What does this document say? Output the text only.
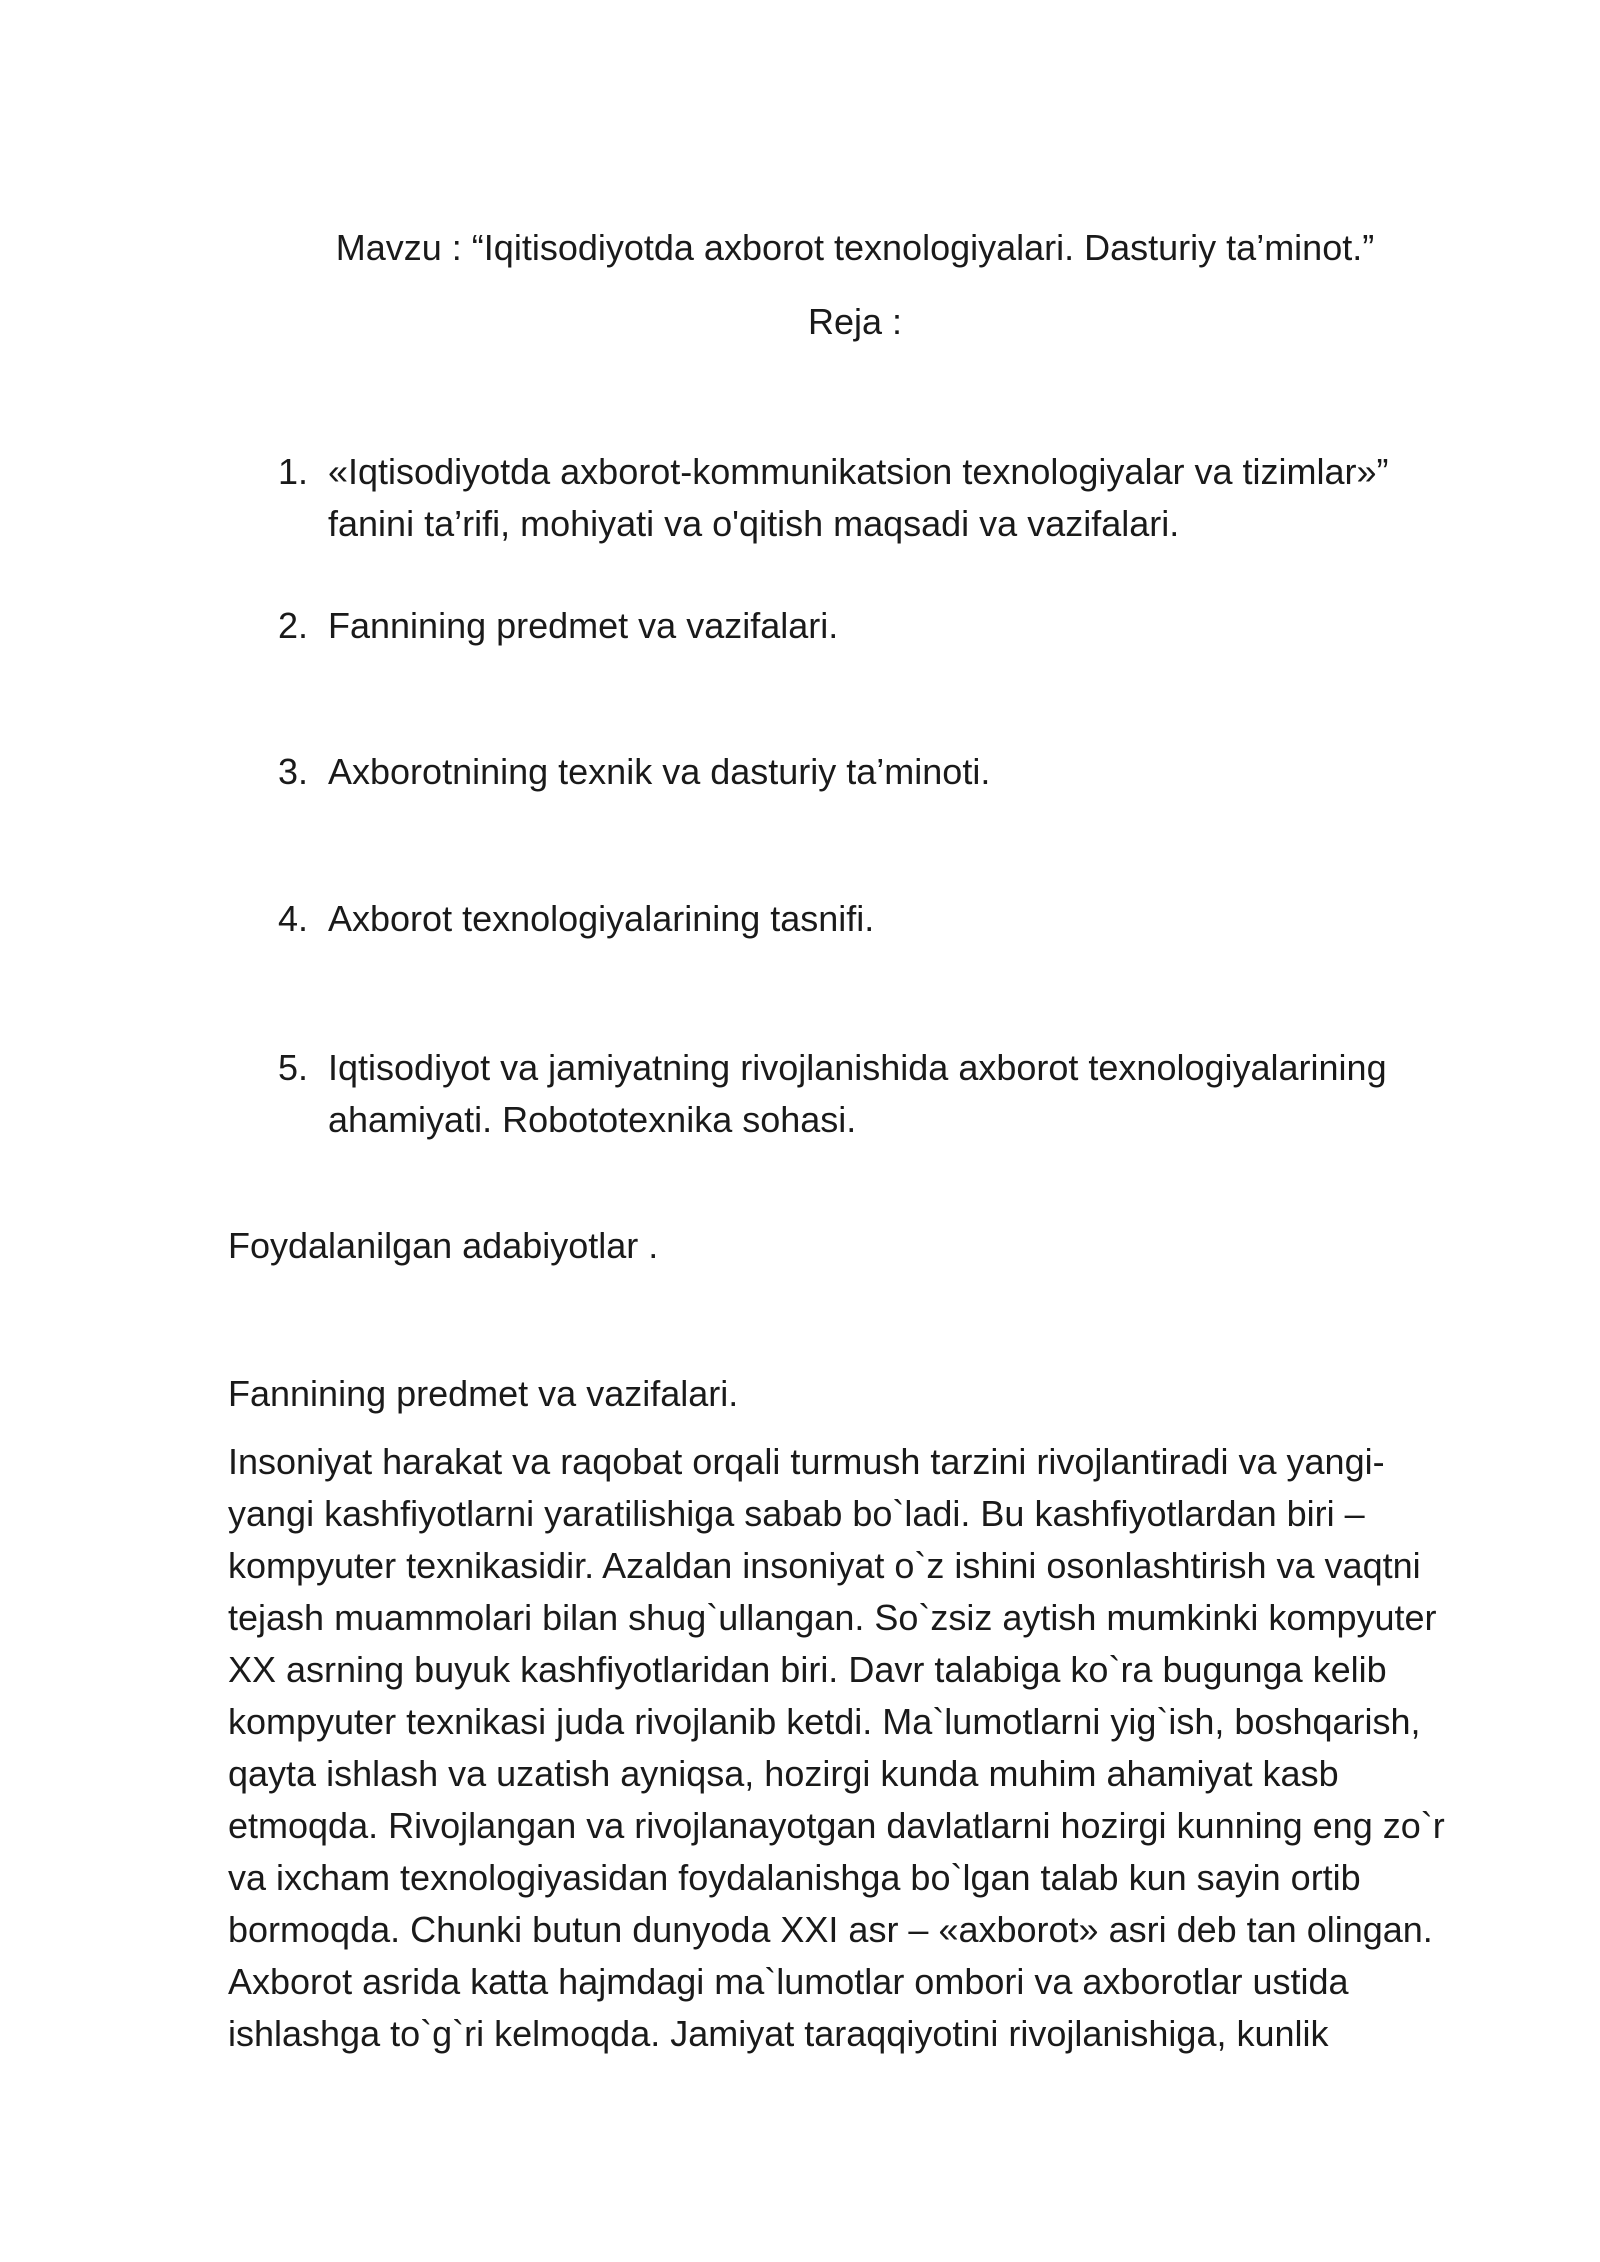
Mavzu : “Iqitisodiyotda axborot texnologiyalari. Dasturiy ta’minot.”
Reja :
1. «Iqtisodiyotda axborot-kommunikatsion texnologiyalar va tizimlar»”
fanini ta’rifi, mohiyati va o'qitish maqsadi va vazifalari.
2. Fannining predmet va vazifalari.
3. Axborotnining texnik va dasturiy ta’minoti.
4. Axborot texnologiyalarining tasnifi.
5. Iqtisodiyot va jamiyatning rivojlanishida axborot texnologiyalarining
ahamiyati. Robototexnika sohasi.
Foydalanilgan adabiyotlar .
Fannining predmet va vazifalari.
Insoniyat harakat va raqobat orqali turmush tarzini rivojlantiradi va yangi-
yangi kashfiyotlarni yaratilishiga sabab bo`ladi. Bu kashfiyotlardan biri –
kompyuter texnikasidir. Azaldan insoniyat o`z ishini osonlashtirish va vaqtni
tejash muammolari bilan shug`ullangan. So`zsiz aytish mumkinki kompyuter
XX asrning buyuk kashfiyotlaridan biri. Davr talabiga ko`ra bugunga kelib
kompyuter texnikasi juda rivojlanib ketdi. Ma`lumotlarni yig`ish, boshqarish,
qayta ishlash va uzatish ayniqsa, hozirgi kunda muhim ahamiyat kasb
etmoqda. Rivojlangan va rivojlanayotgan davlatlarni hozirgi kunning eng zo`r
va ixcham texnologiyasidan foydalanishga bo`lgan talab kun sayin ortib
bormoqda. Chunki butun dunyoda XXI asr – «axborot» asri deb tan olingan.
Axborot asrida katta hajmdagi ma`lumotlar ombori va axborotlar ustida
ishlashga to`g`ri kelmoqda. Jamiyat taraqqiyotini rivojlanishiga, kunlik
